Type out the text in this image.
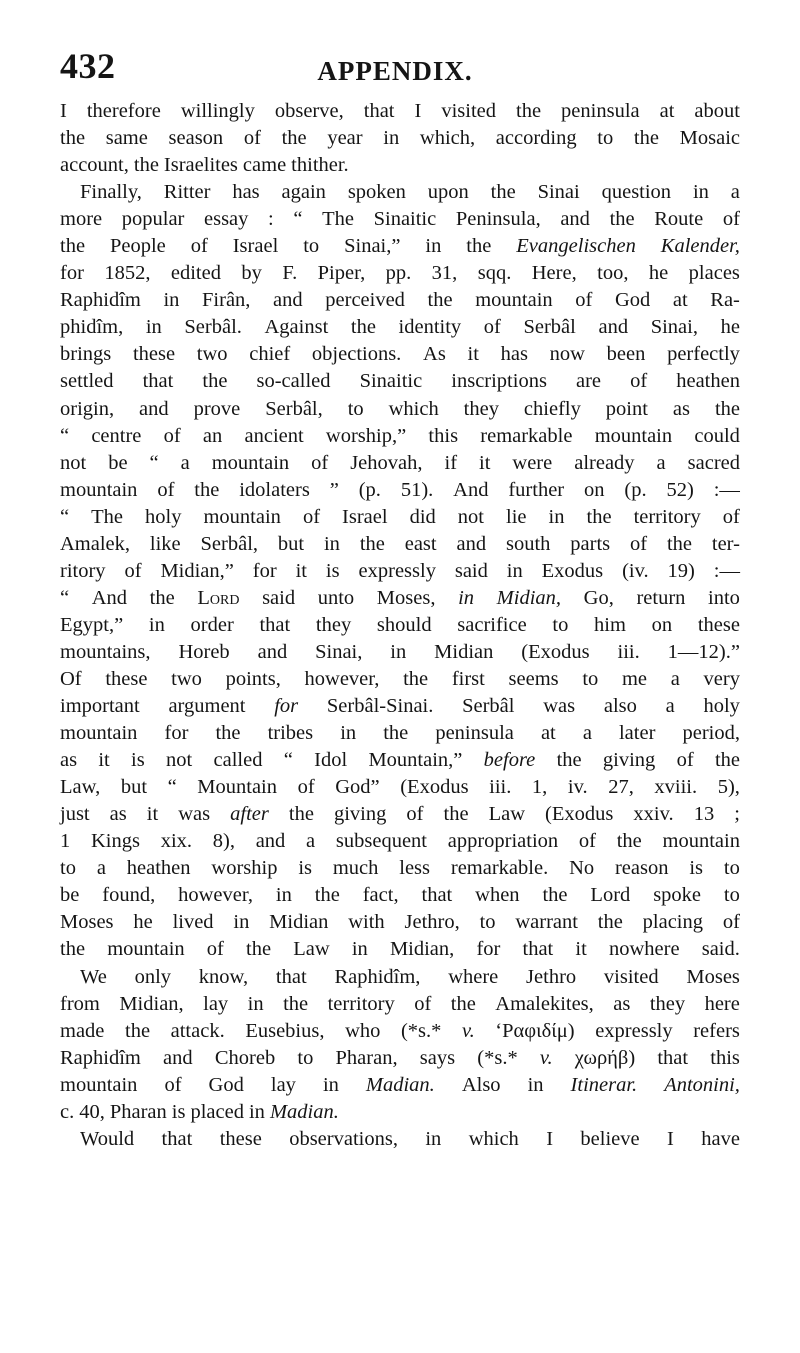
432	APPENDIX.
I therefore willingly observe, that I visited the peninsula at about
the same season of the year in which, according to the Mosaic
account, the Israelites came thither.
Finally, Ritter has again spoken upon the Sinai question in a
more popular essay : “ The Sinaitic Peninsula, and the Route of
the People of Israel to Sinai,” in the Evangelischen Kalender,
for 1852, edited by F. Piper, pp. 31, sqq. Here, too, he places
Raphidîm in Firân, and perceived the mountain of God at Ra-
phidîm, in Serbâl. Against the identity of Serbâl and Sinai, he
brings these two chief objections. As it has now been perfectly
settled that the so-called Sinaitic inscriptions are of heathen
origin, and prove Serbâl, to which they chiefly point as the
“ centre of an ancient worship,” this remarkable mountain could
not be “ a mountain of Jehovah, if it were already a sacred
mountain of the idolaters ” (p. 51). And further on (p. 52) :—
“ The holy mountain of Israel did not lie in the territory of
Amalek, like Serbâl, but in the east and south parts of the ter-
ritory of Midian,” for it is expressly said in Exodus (iv. 19) :—
“ And the Lord said unto Moses, in Midian, Go, return into
Egypt,” in order that they should sacrifice to him on these
mountains, Horeb and Sinai, in Midian (Exodus iii. 1—12).”
Of these two points, however, the first seems to me a very
important argument for Serbâl-Sinai. Serbâl was also a holy
mountain for the tribes in the peninsula at a later period,
as it is not called “ Idol Mountain,” before the giving of the
Law, but “ Mountain of God” (Exodus iii. 1, iv. 27, xviii. 5),
just as it was after the giving of the Law (Exodus xxiv. 13 ;
1 Kings xix. 8), and a subsequent appropriation of the mountain
to a heathen worship is much less remarkable. No reason is to
be found, however, in the fact, that when the Lord spoke to
Moses he lived in Midian with Jethro, to warrant the placing of
the mountain of the Law in Midian, for that it nowhere said.
We only know, that Raphidîm, where Jethro visited Moses
from Midian, lay in the territory of the Amalekites, as they here
made the attack. Eusebius, who (*s.* v. ‘Ραφιδίμ) expressly refers
Raphidîm and Choreb to Pharan, says (*s.* v. χωρήβ) that this
mountain of God lay in Madian. Also in Itinerar. Antonini,
c. 40, Pharan is placed in Madian.
Would that these observations, in which I believe I have
